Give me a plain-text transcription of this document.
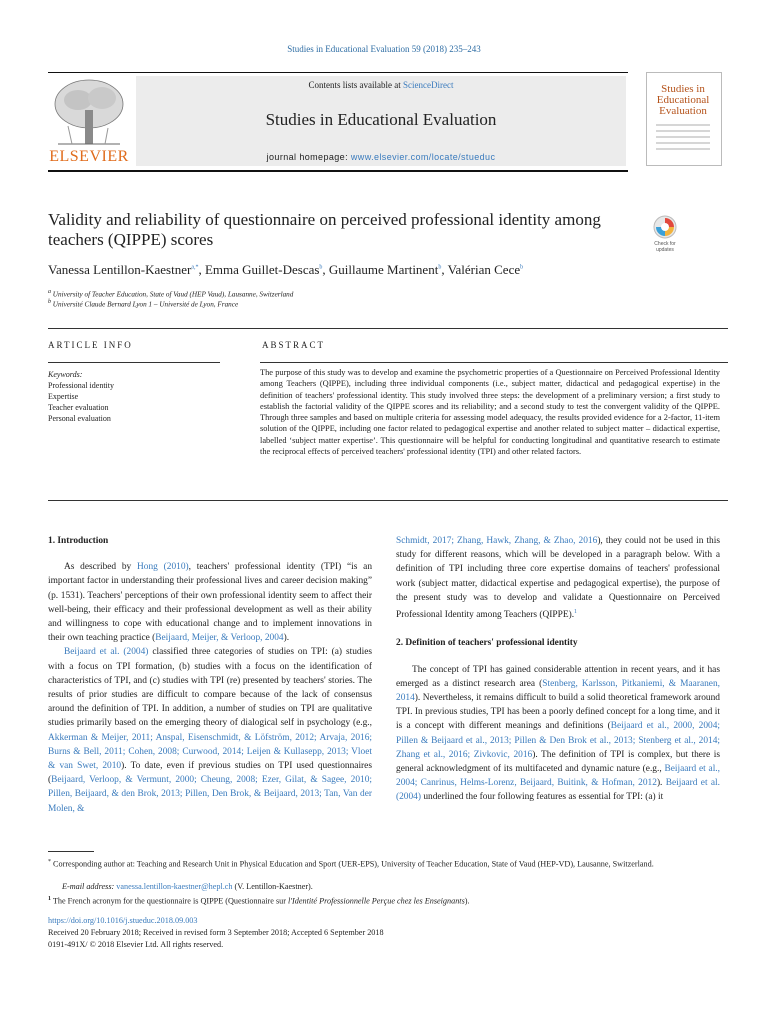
Studies in Educational Evaluation 59 (2018) 235–243
ELSEVIER
Contents lists available at ScienceDirect
Studies in Educational Evaluation
journal homepage: www.elsevier.com/locate/stueduc
Studies in Educational Evaluation
Validity and reliability of questionnaire on perceived professional identity among teachers (QIPPE) scores	Check for
updates
Vanessa Lentillon-Kaestner$^{a,*}$, Emma Guillet-Descas$^b$, Guillaume Martinent$^b$, Valérian Cece$^b$
$^a$ University of Teacher Education, State of Vaud (HEP Vaud), Lausanne, Switzerland
$^b$ Université Claude Bernard Lyon 1 – Université de Lyon, France
ARTICLE INFO	ABSTRACT
Keywords:
Professional identity
Expertise
Teacher evaluation
Personal evaluation
The purpose of this study was to develop and examine the psychometric properties of a Questionnaire on Perceived Professional Identity among Teachers (QIPPE), including three individual components (i.e., subject matter, didactical and pedagogical expertise) in the definition of teachers' professional identity. This study involved three steps: the development of a preliminary version; a first study to establish the factorial validity of the QIPPE scores and its reliability; and a second study to test the convergent validity of the QIPPE. Through three samples and based on multiple criteria for assessing model adequacy, the results provided evidence for a 2-factor, 11-item solution of the QIPPE, including one factor related to pedagogical expertise and another related to subject matter – didactical expertise, labelled ‘subject matter expertise’. This questionnaire will be helpful for conducting longitudinal and quantitative research to estimate the reciprocal effects of perceived teachers' professional identity (TPI) and other related factors.

1. Introduction

As described by Hong (2010), teachers' professional identity (TPI) “is an important factor in understanding their professional lives and career decision making” (p. 1531). Teachers' perceptions of their own professional identity seem to affect their well-being, their efficacy and their professional development as well as their ability and willingness to cope with educational change and to implement innovations in their own teaching practice (Beijaard, Meijer, & Verloop, 2004).

Beijaard et al. (2004) classified three categories of studies on TPI: (a) studies with a focus on TPI formation, (b) studies with a focus on the identification of characteristics of TPI, and (c) studies with TPI (re) presented by teachers' stories. The results of prior studies are difficult to compare because of the lack of consensus around the definition of TPI. In addition, a number of studies on TPI are qualitative studies primarily based on the emerging theory of dialogical self in psychology (e.g., Akkerman & Meijer, 2011; Anspal, Eisenschmidt, & Löfström, 2012; Arvaja, 2016; Burns & Bell, 2011; Cohen, 2008; Curwood, 2014; Leijen & Kullasepp, 2013; Vloet & van Swet, 2010). To date, even if previous studies on TPI used questionnaires (Beijaard, Verloop, & Vermunt, 2000; Cheung, 2008; Ezer, Gilat, & Sagee, 2010; Pillen, Beijaard, & den Brok, 2013; Pillen, Den Brok, & Beijaard, 2013; Tan, Van der Molen, &

Schmidt, 2017; Zhang, Hawk, Zhang, & Zhao, 2016), they could not be used in this study for different reasons, which will be developed in a paragraph below. With a definition of TPI including three core expertise domains of teachers' professional work (subject matter, didactical expertise and pedagogical expertise), the purpose of the present study was to develop and validate a Questionnaire on Perceived Professional Identity among Teachers (QIPPE).$^1$

2. Definition of teachers' professional identity

The concept of TPI has gained considerable attention in recent years, and it has emerged as a distinct research area (Stenberg, Karlsson, Pitkaniemi, & Maaranen, 2014). Nevertheless, it remains difficult to build a solid theoretical framework around TPI. In previous studies, TPI has been a poorly defined concept for a long time, and it is a concept with different meanings and definitions (Beijaard et al., 2000, 2004; Pillen & Beijaard et al., 2013; Pillen & Den Brok et al., 2013; Stenberg et al., 2014; Zhang et al., 2016; Zivkovic, 2016). The definition of TPI is complex, but there is general acknowledgment of its multifaceted and dynamic nature (e.g., Beijaard et al., 2004; Canrinus, Helms-Lorenz, Beijaard, Buitink, & Hofman, 2012). Beijaard et al. (2004) underlined the four following features as essential for TPI: (a) it

* Corresponding author at: Teaching and Research Unit in Physical Education and Sport (UER-EPS), University of Teacher Education, State of Vaud (HEP-VD), Lausanne, Switzerland.
E-mail address: vanessa.lentillon-kaestner@hepl.ch (V. Lentillon-Kaestner).
$^1$ The French acronym for the questionnaire is QIPPE (Questionnaire sur l'Identité Professionnelle Perçue chez les Enseignants).
https://doi.org/10.1016/j.stueduc.2018.09.003
Received 20 February 2018; Received in revised form 3 September 2018; Accepted 6 September 2018
0191-491X/ © 2018 Elsevier Ltd. All rights reserved.
